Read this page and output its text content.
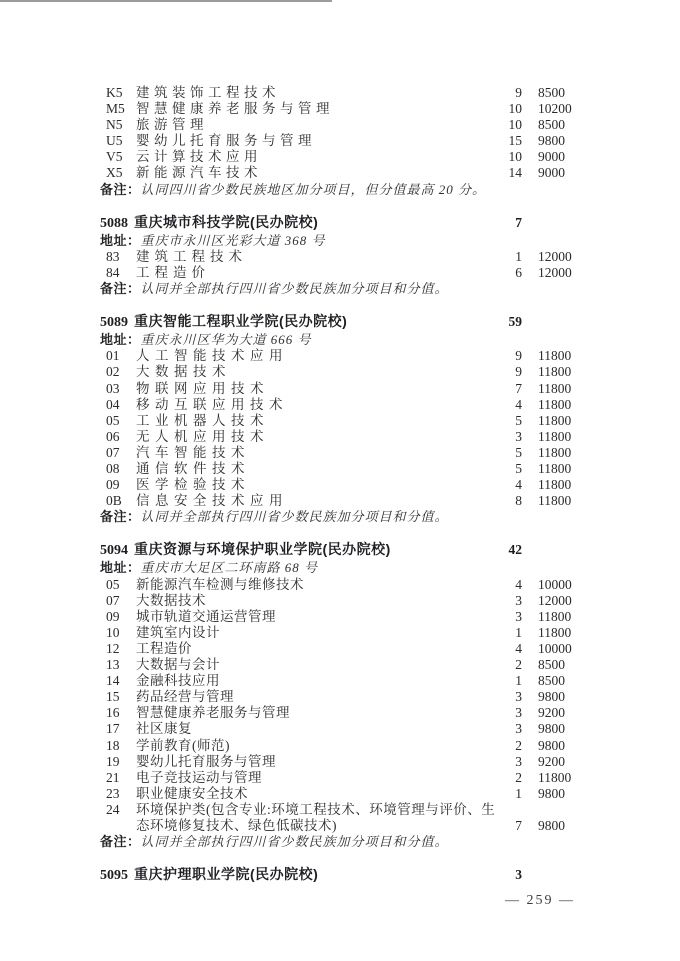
K5	建筑装饰工程技术	9	8500
M5 智慧健康养老服务与管理	10	10200
N5	旅游管理	10	8500
U5	婴幼儿托育服务与管理	15	9800
V5	云计算技术应用	10	9000
X5	新能源汽车技术	14	9000
备注：认同四川省少数民族地区加分项目，但分值最高 20 分。
5088 重庆城市科技学院(民办院校)	7
地址：重庆市永川区光彩大道 368 号
83	建筑工程技术	1	12000
84	工程造价	6	12000
备注：认同并全部执行四川省少数民族加分项目和分值。
5089 重庆智能工程职业学院(民办院校)	59
地址：重庆永川区华为大道 666 号
01	人工智能技术应用	9	11800
02	大数据技术	9	11800
03	物联网应用技术	7	11800
04	移动互联应用技术	4	11800
05	工业机器人技术	5	11800
06	无人机应用技术	3	11800
07	汽车智能技术	5	11800
08	通信软件技术	5	11800
09	医学检验技术	4	11800
0B	信息安全技术应用	8	11800
备注：认同并全部执行四川省少数民族加分项目和分值。
5094 重庆资源与环境保护职业学院(民办院校)	42
地址：重庆市大足区二环南路 68 号
05	新能源汽车检测与维修技术	4	10000
07	大数据技术	3	12000
09	城市轨道交通运营管理	3	11800
10	建筑室内设计	1	11800
12	工程造价	4	10000
13	大数据与会计	2	8500
14	金融科技应用	1	8500
15	药品经营与管理	3	9800
16	智慧健康养老服务与管理	3	9200
17	社区康复	3	9800
18	学前教育(师范)	2	9800
19	婴幼儿托育服务与管理	3	9200
21	电子竞技运动与管理	2	11800
23	职业健康安全技术	1	9800
24	环境保护类(包含专业:环境工程技术、环境管理与评价、生态环境修复技术、绿色低碳技术)	7	9800
备注：认同并全部执行四川省少数民族加分项目和分值。
5095 重庆护理职业学院(民办院校)	3
— 259 —
